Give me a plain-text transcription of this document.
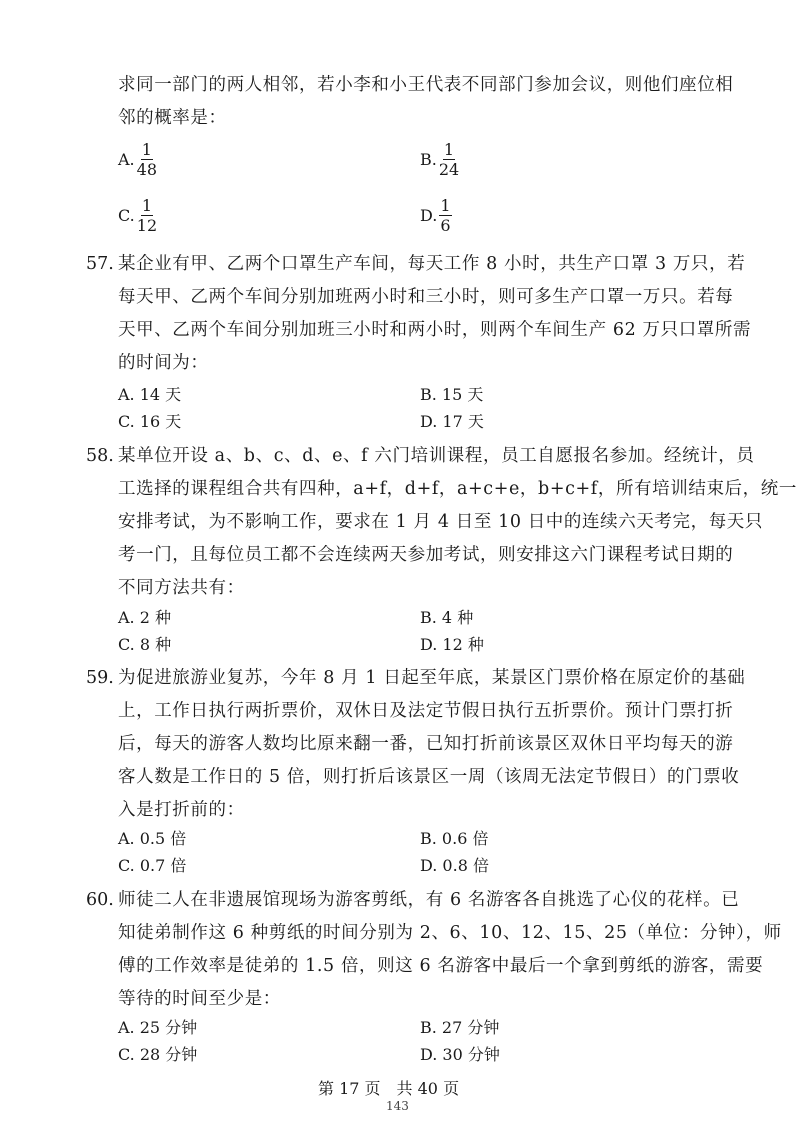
求同一部门的两人相邻，若小李和小王代表不同部门参加会议，则他们座位相
邻的概率是：
A. $\frac{1}{48}$	B. $\frac{1}{24}$
C. $\frac{1}{12}$	D. $\frac{1}{6}$
57. 某企业有甲、乙两个口罩生产车间，每天工作 8 小时，共生产口罩 3 万只，若
每天甲、乙两个车间分别加班两小时和三小时，则可多生产口罩一万只。若每
天甲、乙两个车间分别加班三小时和两小时，则两个车间生产 62 万只口罩所需
的时间为：
A. 14 天	B. 15 天
C. 16 天	D. 17 天
58. 某单位开设 a、b、c、d、e、f 六门培训课程，员工自愿报名参加。经统计，员
工选择的课程组合共有四种，a+f，d+f，a+c+e，b+c+f，所有培训结束后，统一
安排考试，为不影响工作，要求在 1 月 4 日至 10 日中的连续六天考完，每天只
考一门，且每位员工都不会连续两天参加考试，则安排这六门课程考试日期的
不同方法共有：
A. 2 种	B. 4 种
C. 8 种	D. 12 种
59. 为促进旅游业复苏，今年 8 月 1 日起至年底，某景区门票价格在原定价的基础
上，工作日执行两折票价，双休日及法定节假日执行五折票价。预计门票打折
后，每天的游客人数均比原来翻一番，已知打折前该景区双休日平均每天的游
客人数是工作日的 5 倍，则打折后该景区一周（该周无法定节假日）的门票收
入是打折前的：
A. 0.5 倍	B. 0.6 倍
C. 0.7 倍	D. 0.8 倍
60. 师徒二人在非遗展馆现场为游客剪纸，有 6 名游客各自挑选了心仪的花样。已
知徒弟制作这 6 种剪纸的时间分别为 2、6、10、12、15、25（单位：分钟），师
傅的工作效率是徒弟的 1.5 倍，则这 6 名游客中最后一个拿到剪纸的游客，需要
等待的时间至少是：
A. 25 分钟	B. 27 分钟
C. 28 分钟	D. 30 分钟
第 17 页　共 40 页
143
